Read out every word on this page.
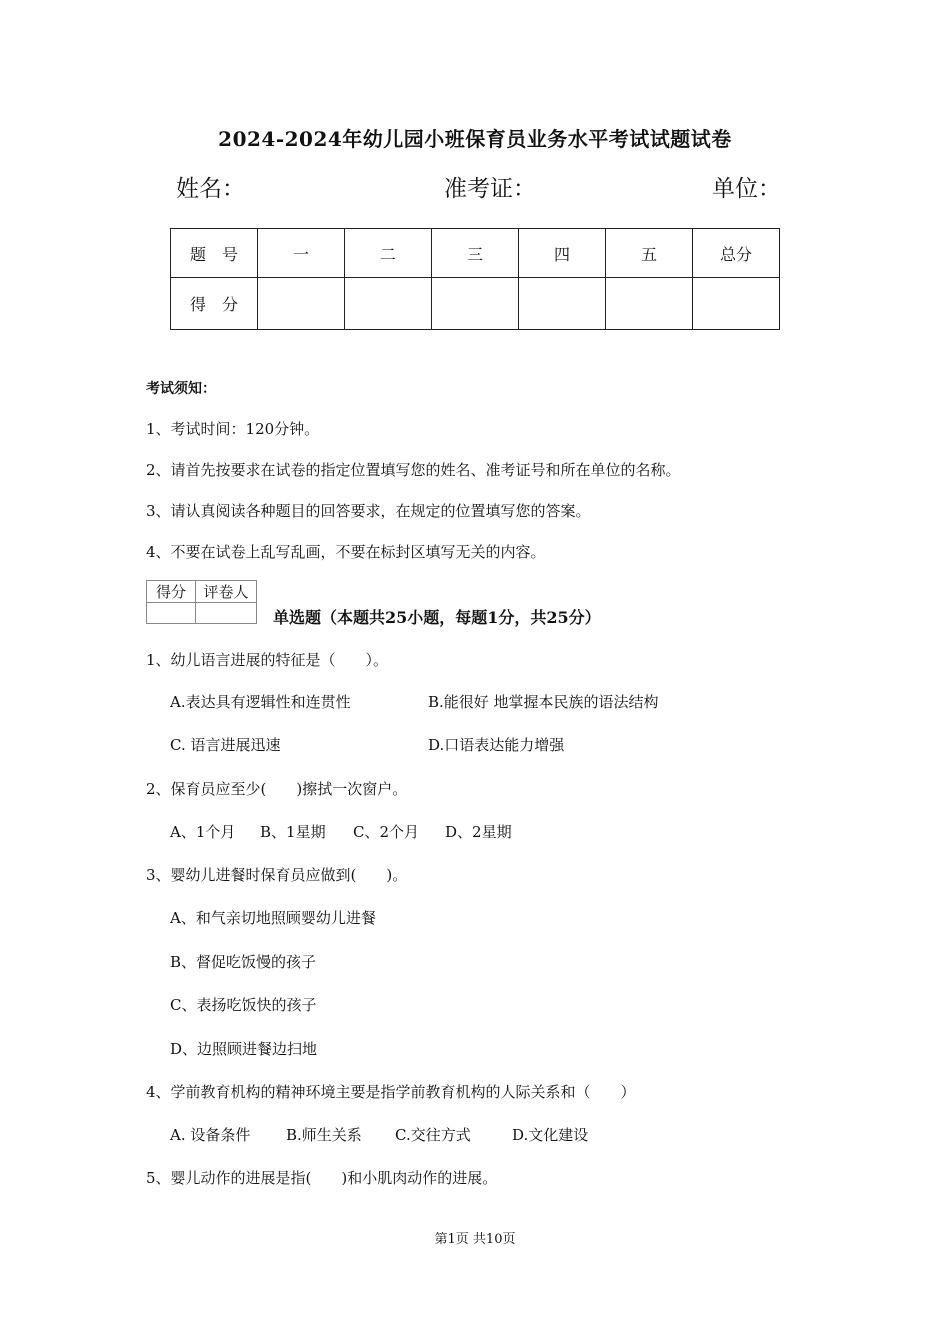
2024-2024年幼儿园小班保育员业务水平考试试题试卷
姓名：	准考证：	单位：
题　号	一	二	三	四	五	总分
得　分						
考试须知：
1、考试时间：120分钟。
2、请首先按要求在试卷的指定位置填写您的姓名、准考证号和所在单位的名称。
3、请认真阅读各种题目的回答要求，在规定的位置填写您的答案。
4、不要在试卷上乱写乱画，不要在标封区填写无关的内容。
得分	评卷人

单选题（本题共25小题，每题1分，共25分）
1、幼儿语言进展的特征是（　　）。
A.表达具有逻辑性和连贯性	B.能很好 地掌握本民族的语法结构
C. 语言进展迅速	D.口语表达能力增强
2、保育员应至少(　　)擦拭一次窗户。
A、1个月 B、1星期 C、2个月 D、2星期
3、婴幼儿进餐时保育员应做到(　　)。
A、和气亲切地照顾婴幼儿进餐
B、督促吃饭慢的孩子
C、表扬吃饭快的孩子
D、边照顾进餐边扫地
4、学前教育机构的精神环境主要是指学前教育机构的人际关系和（　　）
A. 设备条件 B.师生关系 C.交往方式	D.文化建设
5、婴儿动作的进展是指(　　)和小肌肉动作的进展。
第1页 共10页
